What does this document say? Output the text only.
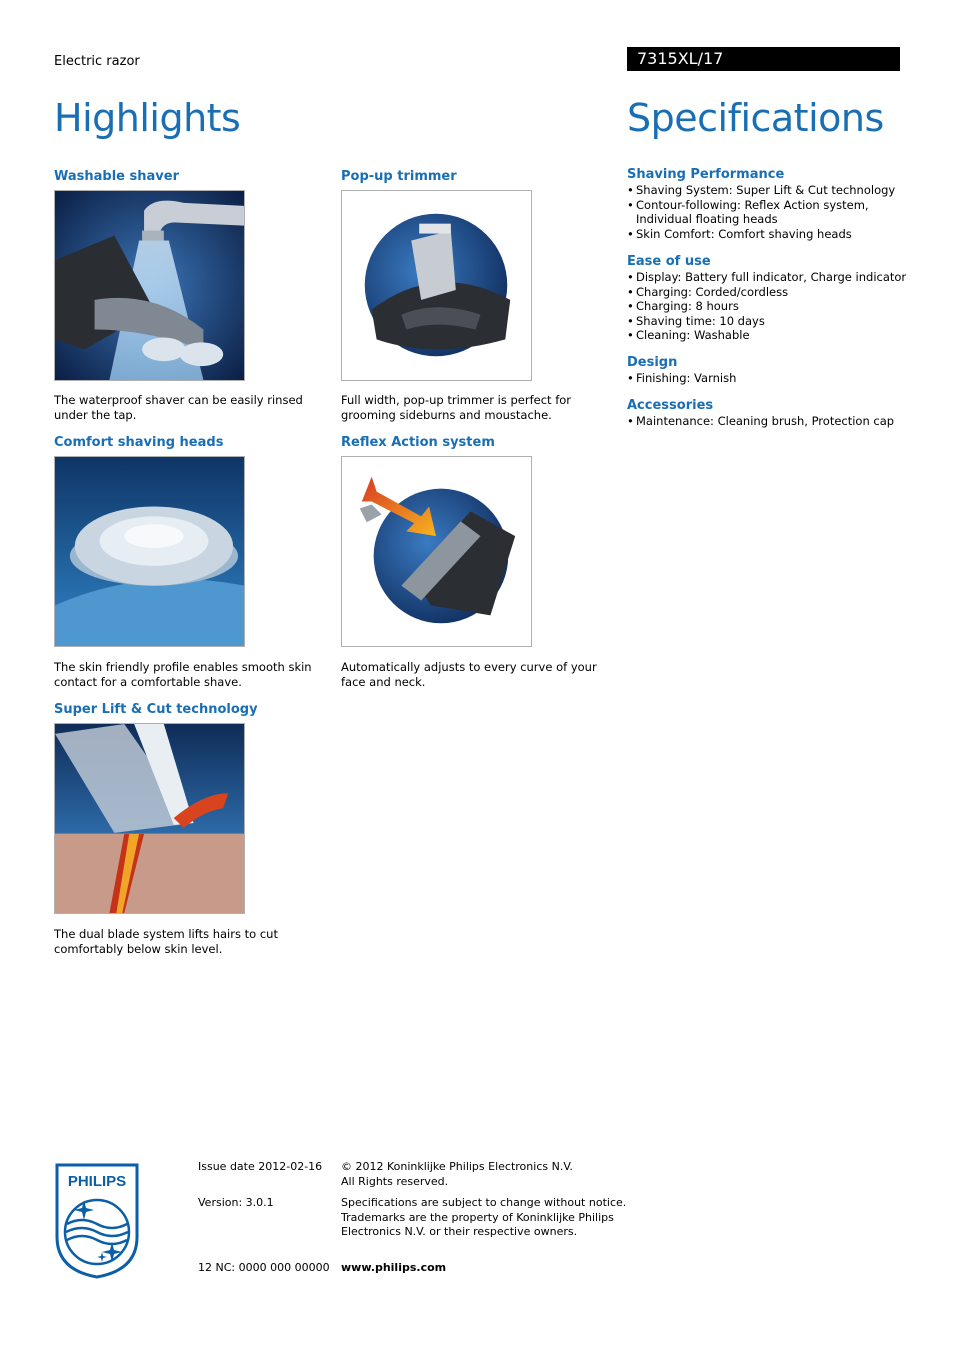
Electric razor	7315XL/17
Highlights	Specifications
Washable shaver
The waterproof shaver can be easily rinsed under the tap.
Pop-up trimmer
Full width, pop-up trimmer is perfect for grooming sideburns and moustache.
Comfort shaving heads
The skin friendly profile enables smooth skin contact for a comfortable shave.
Reflex Action system
Automatically adjusts to every curve of your face and neck.
Super Lift & Cut technology
The dual blade system lifts hairs to cut comfortably below skin level.
Shaving Performance
• Shaving System: Super Lift & Cut technology
• Contour-following: Reflex Action system, Individual floating heads
• Skin Comfort: Comfort shaving heads
Ease of use
• Display: Battery full indicator, Charge indicator
• Charging: Corded/cordless
• Charging: 8 hours
• Shaving time: 10 days
• Cleaning: Washable
Design
• Finishing: Varnish
Accessories
• Maintenance: Cleaning brush, Protection cap
PHILIPS
Issue date 2012-02-16
Version: 3.0.1
12 NC: 0000 000 00000
© 2012 Koninklijke Philips Electronics N.V.
All Rights reserved.
Specifications are subject to change without notice.
Trademarks are the property of Koninklijke Philips
Electronics N.V. or their respective owners.
www.philips.com
